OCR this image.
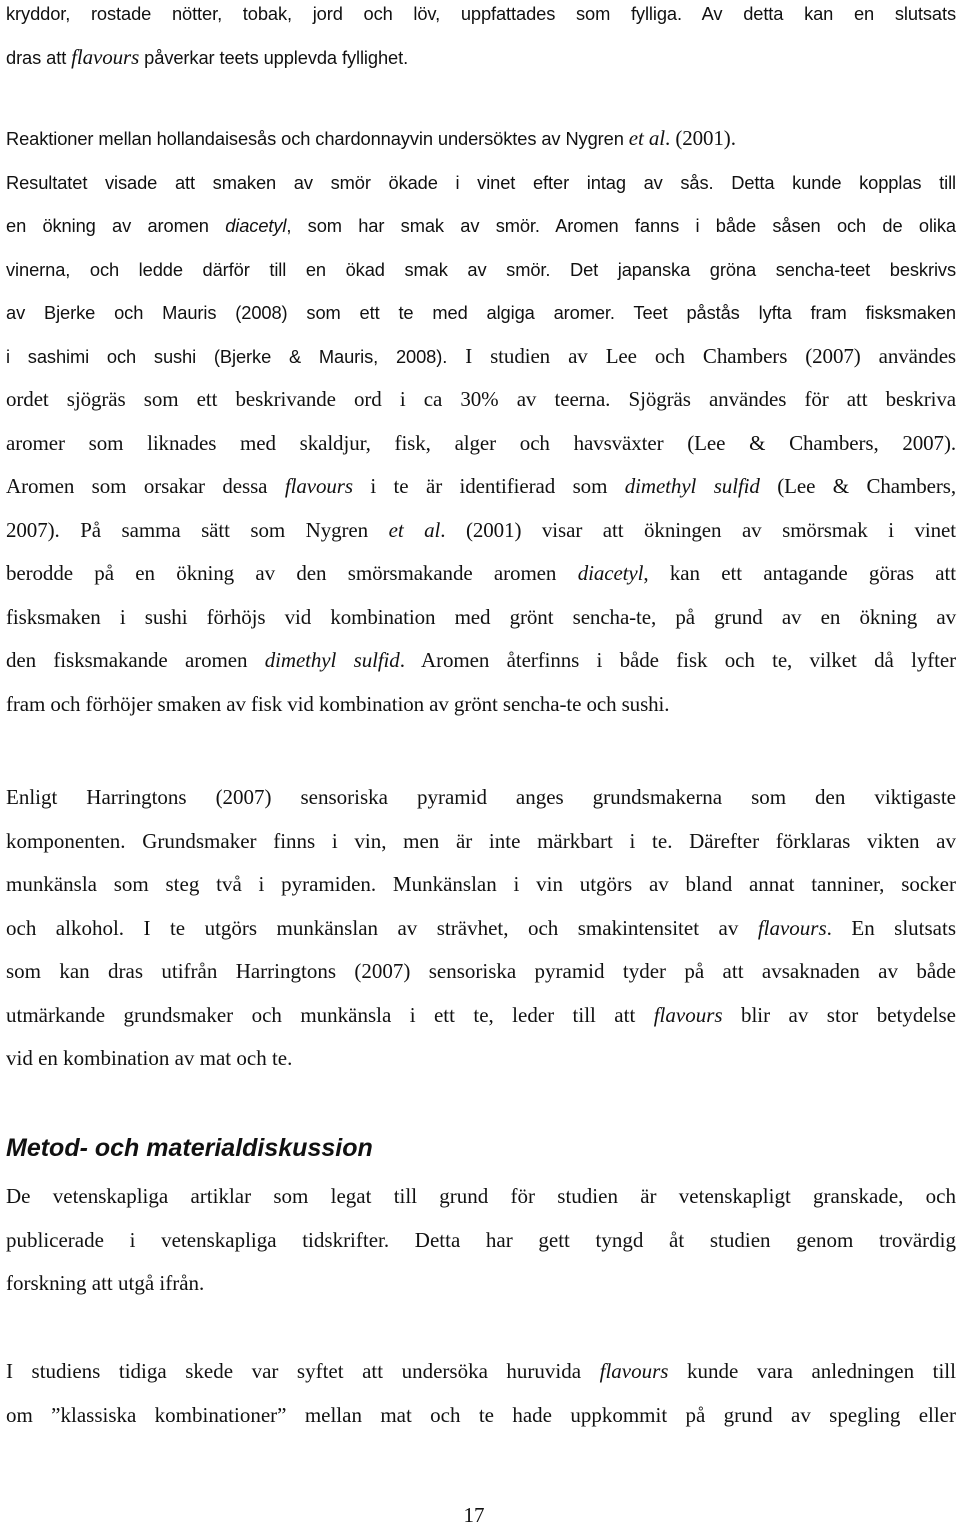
kryddor, rostade nötter, tobak, jord och löv, uppfattades som fylliga. Av detta kan en slutsats
dras att flavours påverkar teets upplevda fyllighet.
Reaktioner mellan hollandaisesås och chardonnayvin undersöktes av Nygren et al. (2001).
Resultatet visade att smaken av smör ökade i vinet efter intag av sås. Detta kunde kopplas till
en ökning av aromen diacetyl, som har smak av smör. Aromen fanns i både såsen och de olika
vinerna, och ledde därför till en ökad smak av smör. Det japanska gröna sencha-teet beskrivs
av Bjerke och Mauris (2008) som ett te med algiga aromer. Teet påstås lyfta fram fisksmaken
i sashimi och sushi (Bjerke & Mauris, 2008). I studien av Lee och Chambers (2007) användes
ordet sjögräs som ett beskrivande ord i ca 30% av teerna. Sjögräs användes för att beskriva
aromer som liknades med skaldjur, fisk, alger och havsväxter (Lee & Chambers, 2007).
Aromen som orsakar dessa flavours i te är identifierad som dimethyl sulfid (Lee & Chambers,
2007). På samma sätt som Nygren et al. (2001) visar att ökningen av smörsmak i vinet
berodde på en ökning av den smörsmakande aromen diacetyl, kan ett antagande göras att
fisksmaken i sushi förhöjs vid kombination med grönt sencha-te, på grund av en ökning av
den fisksmakande aromen dimethyl sulfid. Aromen återfinns i både fisk och te, vilket då lyfter
fram och förhöjer smaken av fisk vid kombination av grönt sencha-te och sushi.
Enligt Harringtons (2007) sensoriska pyramid anges grundsmakerna som den viktigaste
komponenten. Grundsmaker finns i vin, men är inte märkbart i te. Därefter förklaras vikten av
munkänsla som steg två i pyramiden. Munkänslan i vin utgörs av bland annat tanniner, socker
och alkohol. I te utgörs munkänslan av strävhet, och smakintensitet av flavours. En slutsats
som kan dras utifrån Harringtons (2007) sensoriska pyramid tyder på att avsaknaden av både
utmärkande grundsmaker och munkänsla i ett te, leder till att flavours blir av stor betydelse
vid en kombination av mat och te.
Metod- och materialdiskussion
De vetenskapliga artiklar som legat till grund för studien är vetenskapligt granskade, och
publicerade i vetenskapliga tidskrifter. Detta har gett tyngd åt studien genom trovärdig
forskning att utgå ifrån.
I studiens tidiga skede var syftet att undersöka huruvida flavours kunde vara anledningen till
om ”klassiska kombinationer” mellan mat och te hade uppkommit på grund av spegling eller
17
